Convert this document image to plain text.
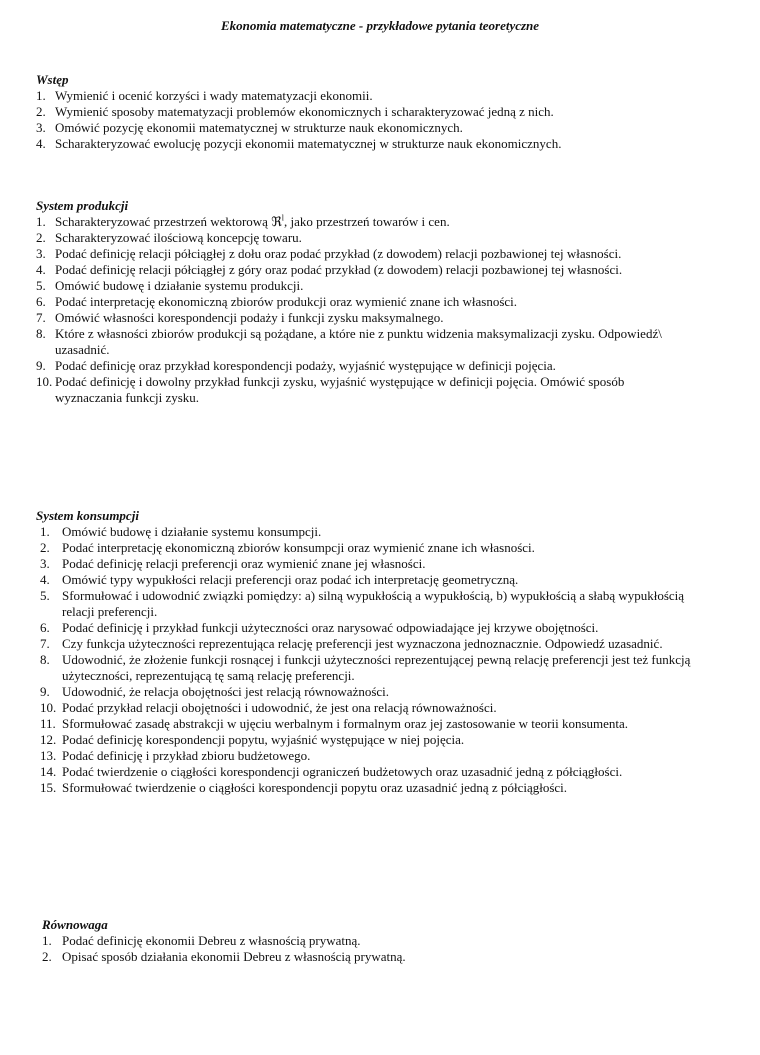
Ekonomia matematyczne - przykładowe pytania teoretyczne
Wstęp
1. Wymienić i ocenić korzyści i wady matematyzacji ekonomii.
2. Wymienić sposoby matematyzacji problemów ekonomicznych i scharakteryzować jedną z nich.
3. Omówić pozycję ekonomii matematycznej w strukturze nauk ekonomicznych.
4. Scharakteryzować ewolucję pozycji ekonomii matematycznej w strukturze nauk ekonomicznych.
System produkcji
1. Scharakteryzować przestrzeń wektorową ℜ$^l$, jako przestrzeń towarów i cen.
2. Scharakteryzować ilościową koncepcję towaru.
3. Podać definicję relacji półciągłej z dołu oraz podać przykład (z dowodem) relacji pozbawionej tej własności.
4. Podać definicję relacji półciągłej z góry oraz podać przykład (z dowodem) relacji pozbawionej tej własności.
5. Omówić budowę i działanie systemu produkcji.
6. Podać interpretację ekonomiczną zbiorów produkcji oraz wymienić znane ich własności.
7. Omówić własności korespondencji podaży i funkcji zysku maksymalnego.
8. Które z własności zbiorów produkcji są pożądane, a które nie z punktu widzenia maksymalizacji zysku. Odpowiedź\ uzasadnić.
9. Podać definicję oraz przykład korespondencji podaży, wyjaśnić występujące w definicji pojęcia.
10. Podać definicję i dowolny przykład funkcji zysku, wyjaśnić występujące w definicji pojęcia. Omówić sposób wyznaczania funkcji zysku.
System konsumpcji
1. Omówić budowę i działanie systemu konsumpcji.
2. Podać interpretację ekonomiczną zbiorów konsumpcji oraz wymienić znane ich własności.
3. Podać definicję relacji preferencji oraz wymienić znane jej własności.
4. Omówić typy wypukłości relacji preferencji oraz podać ich interpretację geometryczną.
5. Sformułować i udowodnić związki pomiędzy: a) silną wypukłością a wypukłością, b) wypukłością a słabą wypukłością relacji preferencji.
6. Podać definicję i przykład funkcji użyteczności oraz narysować odpowiadające jej krzywe obojętności.
7. Czy funkcja użyteczności reprezentująca relację preferencji jest wyznaczona jednoznacznie. Odpowiedź uzasadnić.
8. Udowodnić, że złożenie funkcji rosnącej i funkcji użyteczności reprezentującej pewną relację preferencji jest też funkcją użyteczności, reprezentującą tę samą relację preferencji.
9. Udowodnić, że relacja obojętności jest relacją równoważności.
10. Podać przykład relacji obojętności i udowodnić, że jest ona relacją równoważności.
11. Sformułować zasadę abstrakcji w ujęciu werbalnym i formalnym oraz jej zastosowanie w teorii konsumenta.
12. Podać definicję korespondencji popytu, wyjaśnić występujące w niej pojęcia.
13. Podać definicję i przykład zbioru budżetowego.
14. Podać twierdzenie o ciągłości korespondencji ograniczeń budżetowych oraz uzasadnić jedną z półciągłości.
15. Sformułować twierdzenie o ciągłości korespondencji popytu oraz uzasadnić jedną z półciągłości.
Równowaga
1. Podać definicję ekonomii Debreu z własnością prywatną.
2. Opisać sposób działania ekonomii Debreu z własnością prywatną.
